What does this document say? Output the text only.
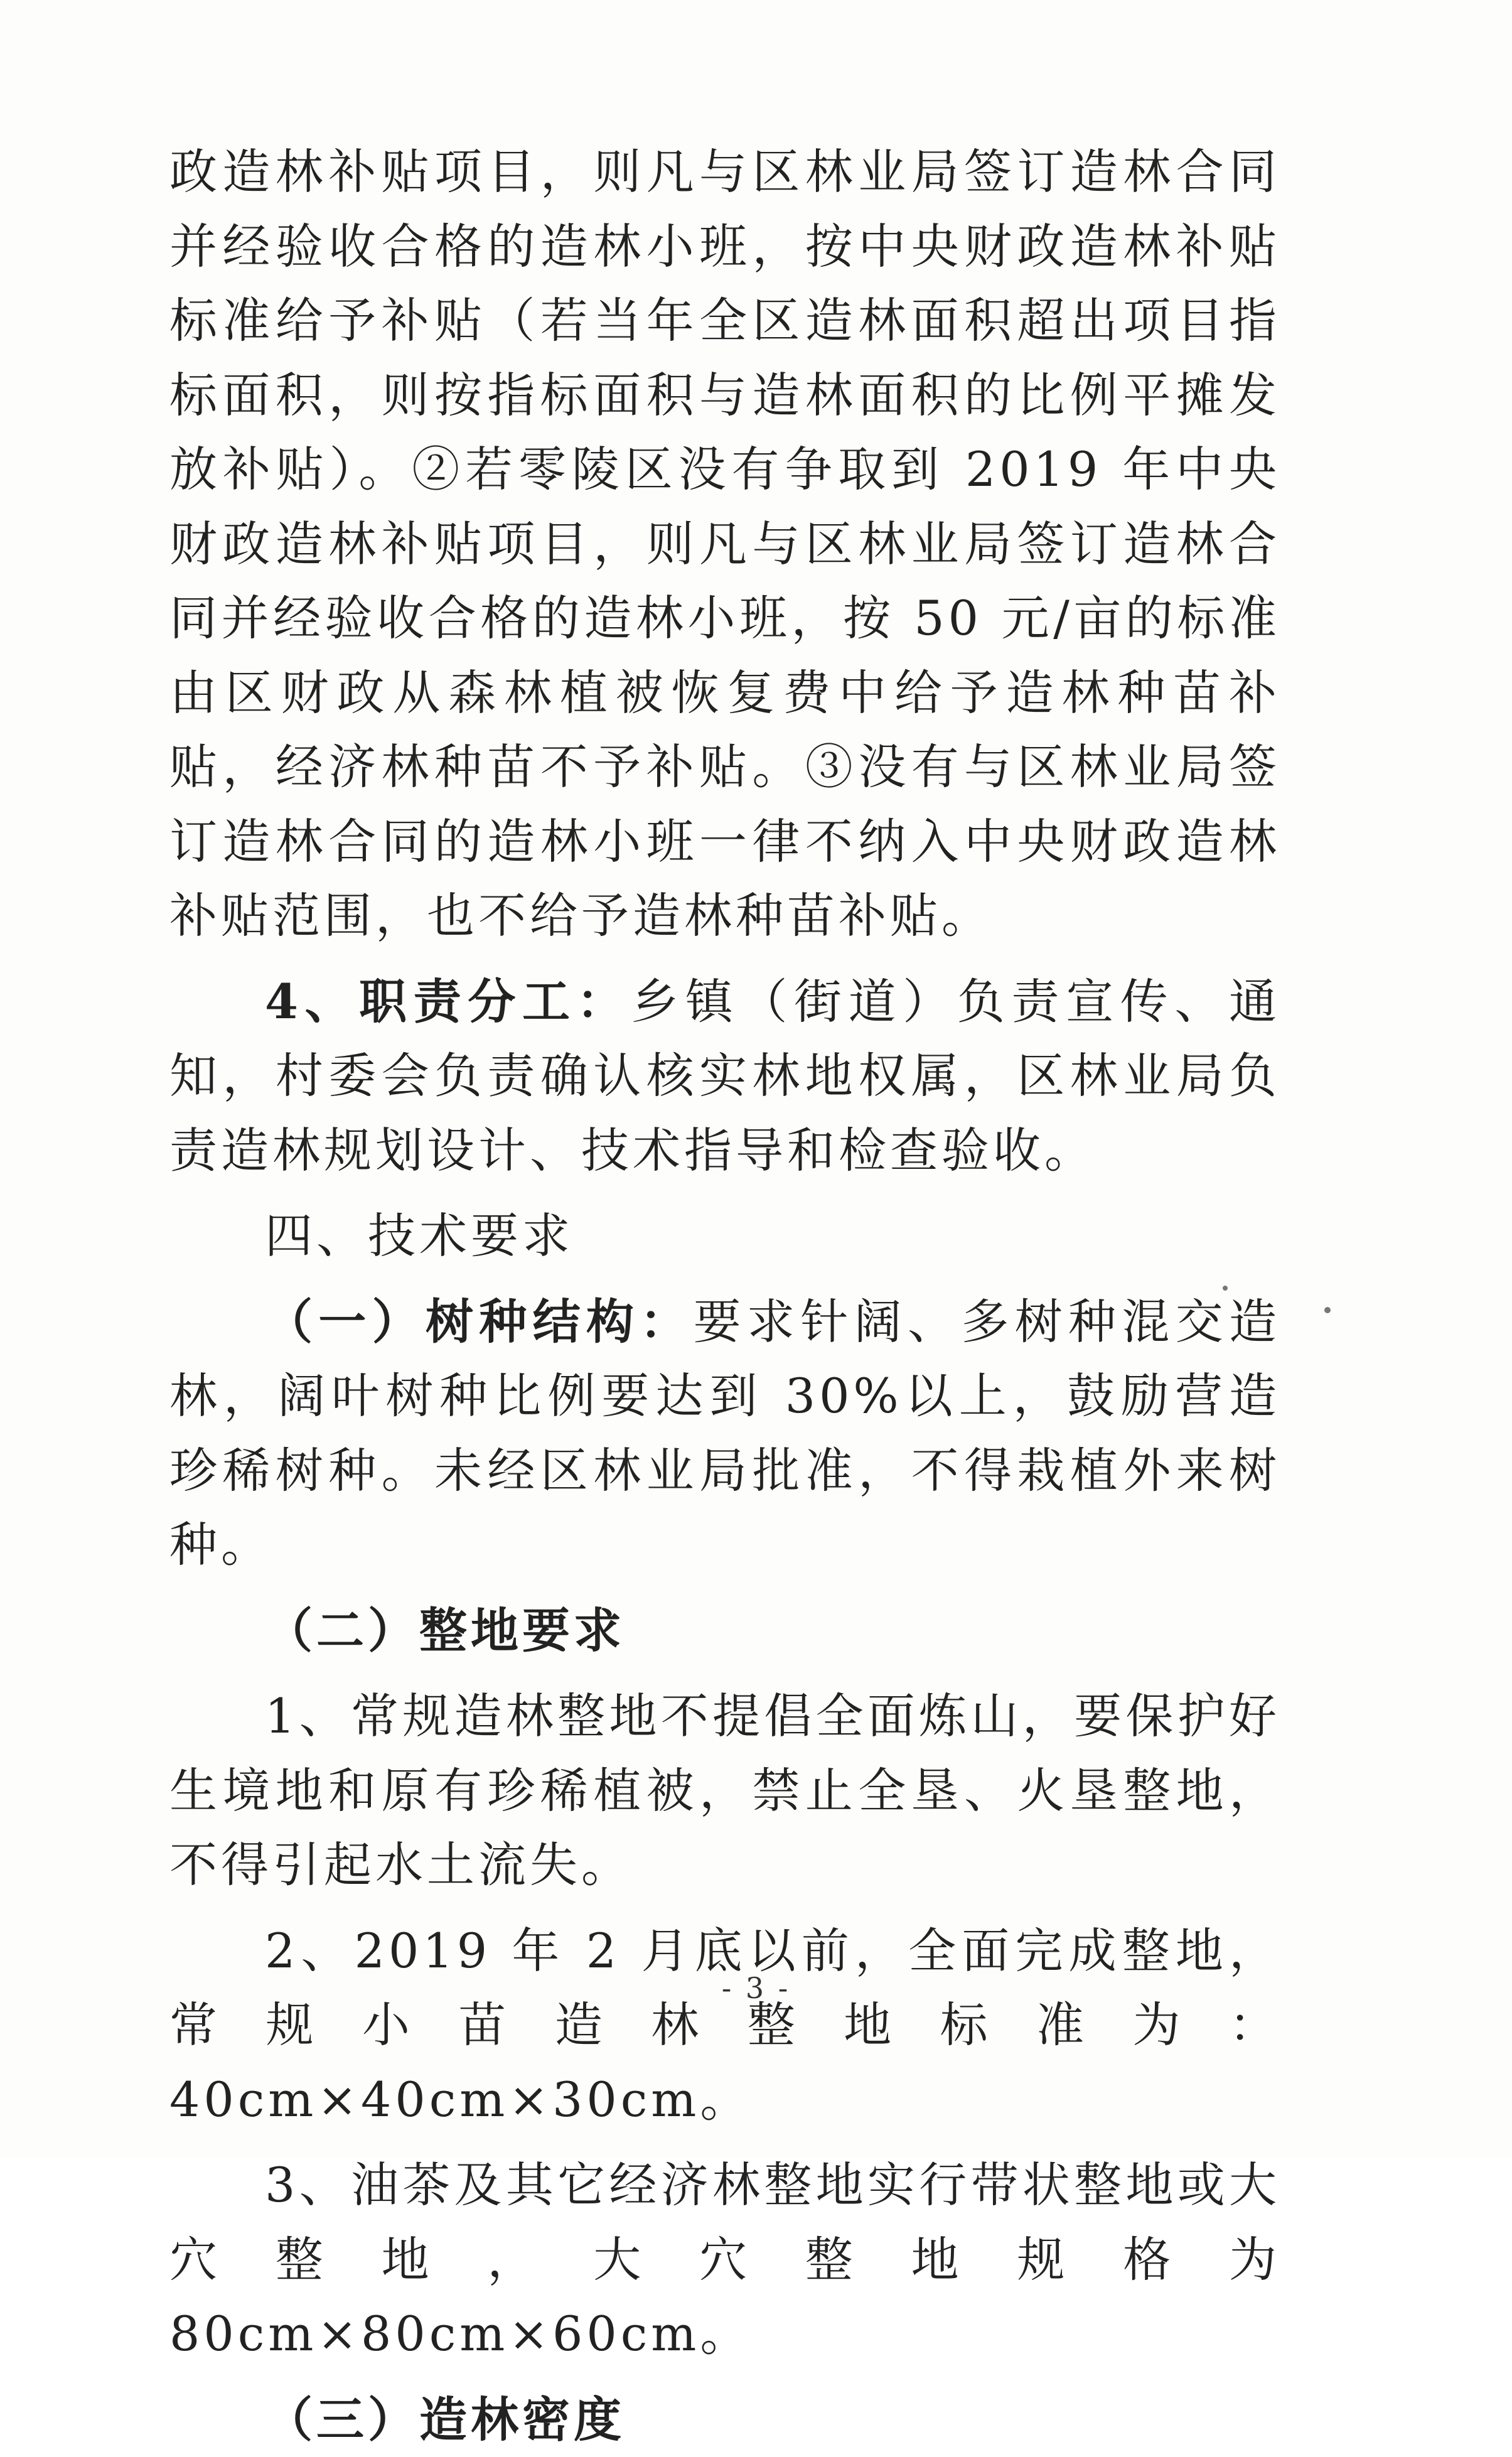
政造林补贴项目，则凡与区林业局签订造林合同并经验收合格的造林小班，按中央财政造林补贴标准给予补贴（若当年全区造林面积超出项目指标面积，则按指标面积与造林面积的比例平摊发放补贴）。②若零陵区没有争取到 2019 年中央财政造林补贴项目，则凡与区林业局签订造林合同并经验收合格的造林小班，按 50 元/亩的标准由区财政从森林植被恢复费中给予造林种苗补贴，经济林种苗不予补贴。③没有与区林业局签订造林合同的造林小班一律不纳入中央财政造林补贴范围，也不给予造林种苗补贴。

4、职责分工：乡镇（街道）负责宣传、通知，村委会负责确认核实林地权属，区林业局负责造林规划设计、技术指导和检查验收。

四、技术要求

（一）树种结构：要求针阔、多树种混交造林，阔叶树种比例要达到 30%以上，鼓励营造珍稀树种。未经区林业局批准，不得栽植外来树种。

（二）整地要求

1、常规造林整地不提倡全面炼山，要保护好生境地和原有珍稀植被，禁止全垦、火垦整地，不得引起水土流失。

2、2019 年 2 月底以前，全面完成整地，常规小苗造林整地标准为：40cm×40cm×30cm。

3、油茶及其它经济林整地实行带状整地或大穴整地，大穴整地规格为 80cm×80cm×60cm。

（三）造林密度

- 3 -
